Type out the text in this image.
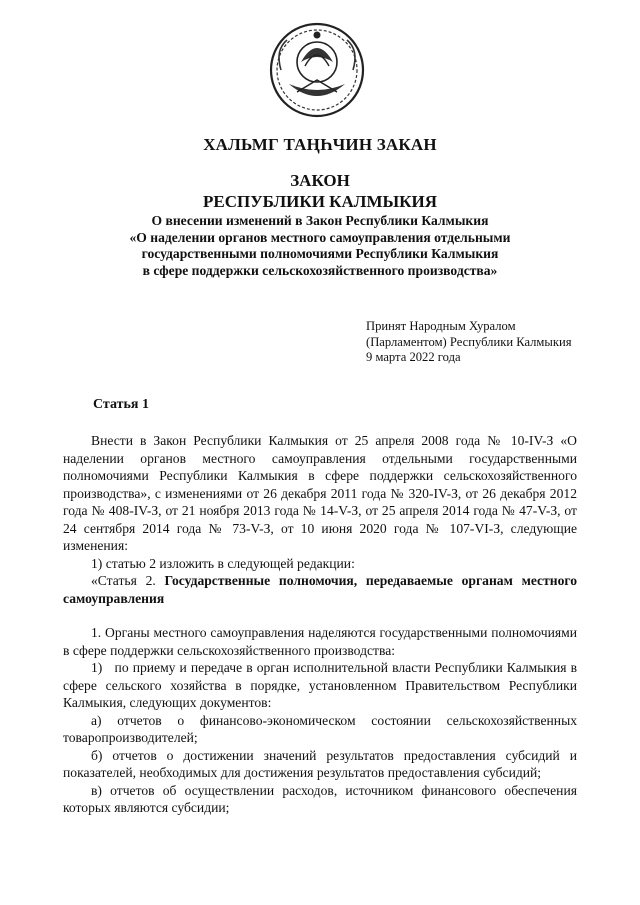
ХАЛЬМГ ТАҢҺЧИН ЗАКАН
ЗАКОН
РЕСПУБЛИКИ КАЛМЫКИЯ
О внесении изменений в Закон Республики Калмыкия
«О наделении органов местного самоуправления отдельными
государственными полномочиями Республики Калмыкия
в сфере поддержки сельскохозяйственного производства»
Принят Народным Хуралом
(Парламентом) Республики Калмыкия
9 марта 2022 года
Статья 1

Внести в Закон Республики Калмыкия от 25 апреля 2008 года № 10-IV-З «О наделении органов местного самоуправления отдельными государственными полномочиями Республики Калмыкия в сфере поддержки сельскохозяйственного производства», с изменениями от 26 декабря 2011 года № 320-IV-З, от 26 декабря 2012 года № 408-IV-З, от 21 ноября 2013 года № 14-V-З, от 25 апреля 2014 года № 47-V-З, от 24 сентября 2014 года № 73-V-З, от 10 июня 2020 года № 107-VI-З, следующие изменения:

1) статью 2 изложить в следующей редакции:

«Статья 2. Государственные полномочия, передаваемые органам местного самоуправления

1. Органы местного самоуправления наделяются государственными полномочиями в сфере поддержки сельскохозяйственного производства:

1)   по приему и передаче в орган исполнительной власти Республики Калмыкия в сфере сельского хозяйства в порядке, установленном Правительством Республики Калмыкия, следующих документов:

а) отчетов о финансово-экономическом состоянии сельскохозяйственных товаропроизводителей;

б) отчетов о достижении значений результатов предоставления субсидий и показателей, необходимых для достижения результатов предоставления субсидий;

в) отчетов об осуществлении расходов, источником финансового обеспечения которых являются субсидии;
